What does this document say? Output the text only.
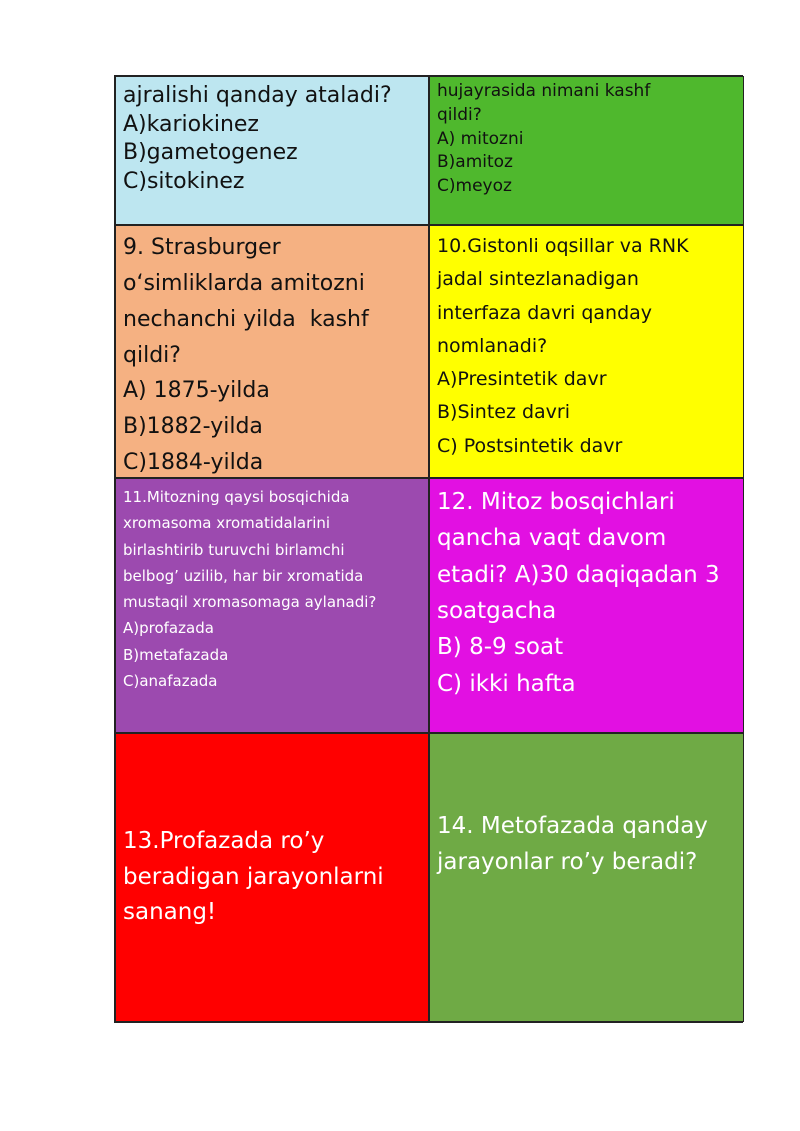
ajralishi qanday ataladi?
A)kariokinez
B)gametogenez
C)sitokinez
hujayrasida nimani kashf
qildi?
A) mitozni
B)amitoz
C)meyoz
9. Strasburger
o‘simliklarda amitozni
nechanchi yilda  kashf
qildi?
A) 1875-yilda
B)1882-yilda
C)1884-yilda
10.Gistonli oqsillar va RNK
jadal sintezlanadigan
interfaza davri qanday
nomlanadi?
A)Presintetik davr
B)Sintez davri
C) Postsintetik davr
11.Mitozning qaysi bosqichida
xromasoma xromatidalarini
birlashtirib turuvchi birlamchi
belbog’ uzilib, har bir xromatida
mustaqil xromasomaga aylanadi?
A)profazada
B)metafazada
C)anafazada
12. Mitoz bosqichlari
qancha vaqt davom
etadi? A)30 daqiqadan 3
soatgacha
B) 8-9 soat
C) ikki hafta
13.Profazada ro’y
beradigan jarayonlarni
sanang!
14. Metofazada qanday
jarayonlar ro’y beradi?
